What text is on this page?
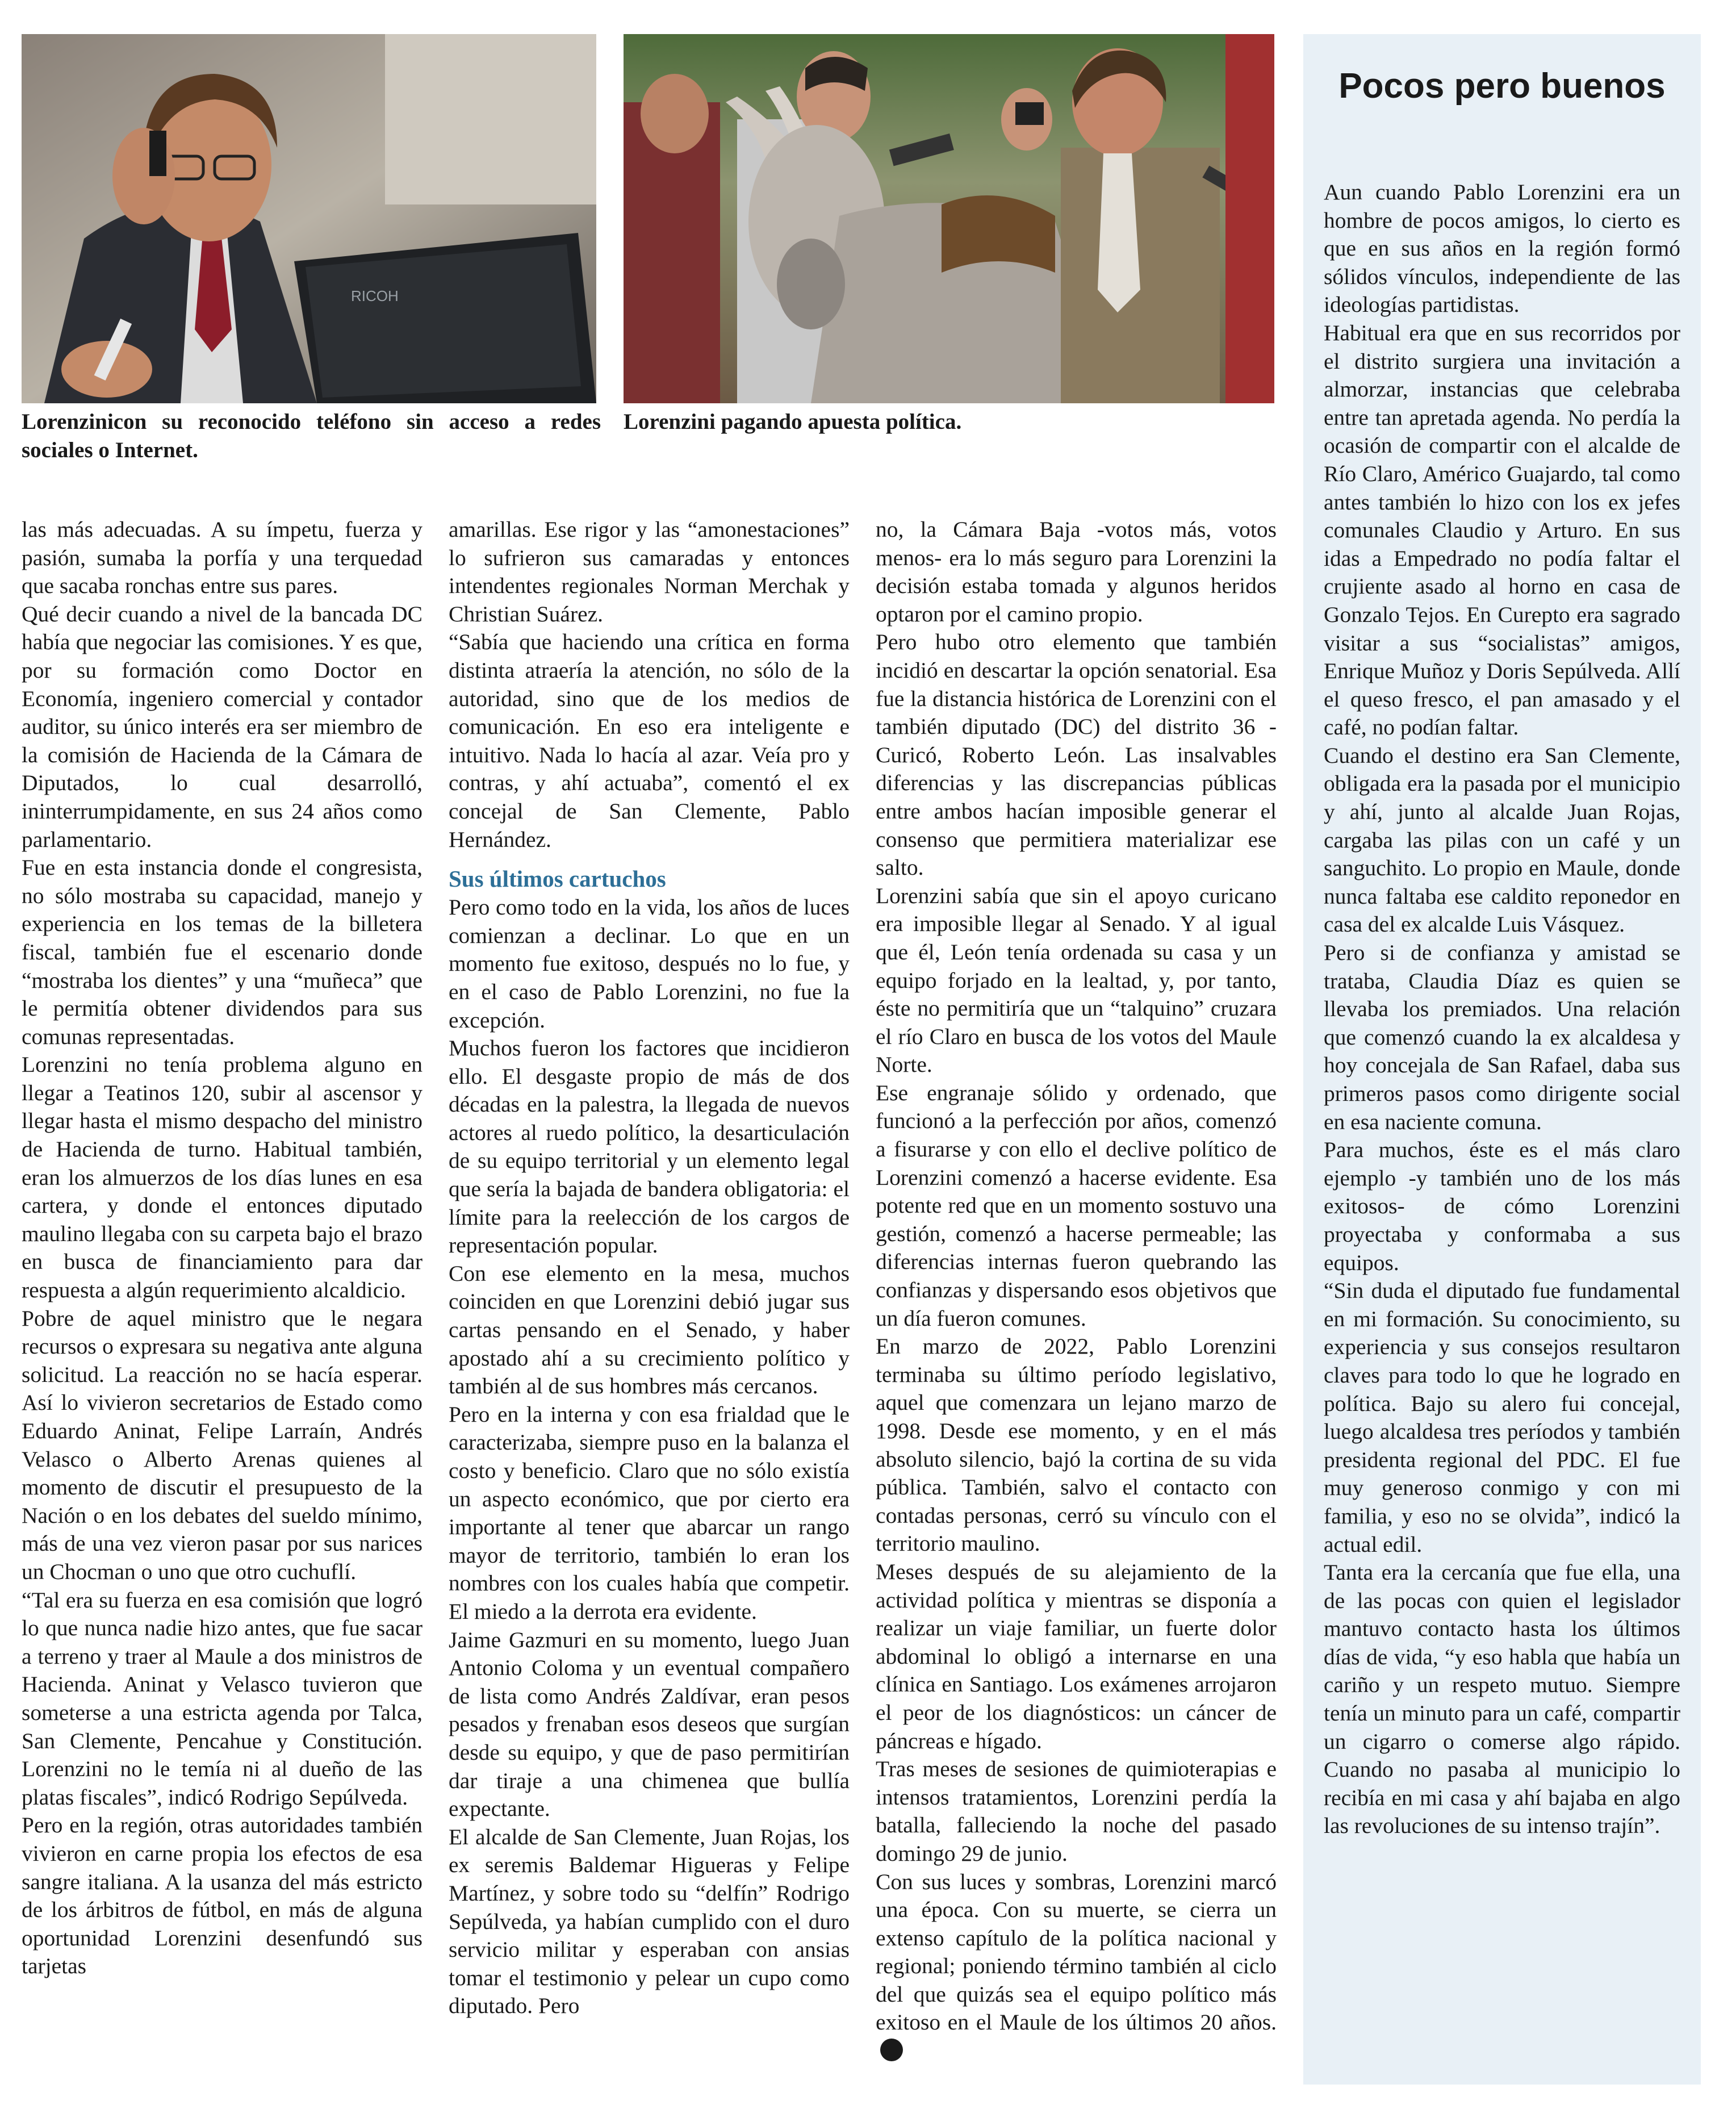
RICOH
Lorenzinicon su reconocido teléfono sin acceso a redes sociales o Internet.
Lorenzini pagando apuesta política.

las más adecuadas. A su ímpetu, fuerza y pasión, sumaba la porfía y una terquedad que sacaba ronchas entre sus pares.

Qué decir cuando a nivel de la bancada DC había que negociar las comisiones. Y es que, por su formación como Doctor en Economía, ingeniero comercial y contador auditor, su único interés era ser miembro de la comisión de Hacienda de la Cámara de Diputados, lo cual desarrolló, ininterrumpidamente, en sus 24 años como parlamentario.

Fue en esta instancia donde el congresista, no sólo mostraba su capacidad, manejo y experiencia en los temas de la billetera fiscal, también fue el escenario donde “mostraba los dientes” y una “muñeca” que le permitía obtener dividendos para sus comunas representadas.

Lorenzini no tenía problema alguno en llegar a Teatinos 120, subir al ascensor y llegar hasta el mismo despacho del ministro de Hacienda de turno. Habitual también, eran los almuerzos de los días lunes en esa cartera, y donde el entonces diputado maulino llegaba con su carpeta bajo el brazo en busca de financiamiento para dar respuesta a algún requerimiento alcaldicio.

Pobre de aquel ministro que le negara recursos o expresara su negativa ante alguna solicitud. La reacción no se hacía esperar. Así lo vivieron secretarios de Estado como Eduardo Aninat, Felipe Larraín, Andrés Velasco o Alberto Arenas quienes al momento de discutir el presupuesto de la Nación o en los debates del sueldo mínimo, más de una vez vieron pasar por sus narices un Chocman o uno que otro cuchuflí.

“Tal era su fuerza en esa comisión que logró lo que nunca nadie hizo antes, que fue sacar a terreno y traer al Maule a dos ministros de Hacienda. Aninat y Velasco tuvieron que someterse a una estricta agenda por Talca, San Clemente, Pencahue y Constitución. Lorenzini no le temía ni al dueño de las platas fiscales”, indicó Rodrigo Sepúlveda.

Pero en la región, otras autoridades también vivieron en carne propia los efectos de esa sangre italiana. A la usanza del más estricto de los árbitros de fútbol, en más de alguna oportunidad Lorenzini desenfundó sus tarjetas

amarillas. Ese rigor y las “amonestaciones” lo sufrieron sus camaradas y entonces intendentes regionales Norman Merchak y Christian Suárez.

“Sabía que haciendo una crítica en forma distinta atraería la atención, no sólo de la autoridad, sino que de los medios de comunicación. En eso era inteligente e intuitivo. Nada lo hacía al azar. Veía pro y contras, y ahí actuaba”, comentó el ex concejal de San Clemente, Pablo Hernández.

Sus últimos cartuchos

Pero como todo en la vida, los años de luces comienzan a declinar. Lo que en un momento fue exitoso, después no lo fue, y en el caso de Pablo Lorenzini, no fue la excepción.

Muchos fueron los factores que incidieron ello. El desgaste propio de más de dos décadas en la palestra, la llegada de nuevos actores al ruedo político, la desarticulación de su equipo territorial y un elemento legal que sería la bajada de bandera obligatoria: el límite para la reelección de los cargos de representación popular.

Con ese elemento en la mesa, muchos coinciden en que Lorenzini debió jugar sus cartas pensando en el Senado, y haber apostado ahí a su crecimiento político y también al de sus hombres más cercanos.

Pero en la interna y con esa frialdad que le caracterizaba, siempre puso en la balanza el costo y beneficio. Claro que no sólo existía un aspecto económico, que por cierto era importante al tener que abarcar un rango mayor de territorio, también lo eran los nombres con los cuales había que competir. El miedo a la derrota era evidente.

Jaime Gazmuri en su momento, luego Juan Antonio Coloma y un eventual compañero de lista como Andrés Zaldívar, eran pesos pesados y frenaban esos deseos que surgían desde su equipo, y que de paso permitirían dar tiraje a una chimenea que bullía expectante.

El alcalde de San Clemente, Juan Rojas, los ex seremis Baldemar Higueras y Felipe Martínez, y sobre todo su “delfín” Rodrigo Sepúlveda, ya habían cumplido con el duro servicio militar y esperaban con ansias tomar el testimonio y pelear un cupo como diputado. Pero

no, la Cámara Baja -votos más, votos menos- era lo más seguro para Lorenzini la decisión estaba tomada y algunos heridos optaron por el camino propio.

Pero hubo otro elemento que también incidió en descartar la opción senatorial. Esa fue la distancia histórica de Lorenzini con el también diputado (DC) del distrito 36 - Curicó, Roberto León. Las insalvables diferencias y las discrepancias públicas entre ambos hacían imposible generar el consenso que permitiera materializar ese salto.

Lorenzini sabía que sin el apoyo curicano era imposible llegar al Senado. Y al igual que él, León tenía ordenada su casa y un equipo forjado en la lealtad, y, por tanto, éste no permitiría que un “talquino” cruzara el río Claro en busca de los votos del Maule Norte.

Ese engranaje sólido y ordenado, que funcionó a la perfección por años, comenzó a fisurarse y con ello el declive político de Lorenzini comenzó a hacerse evidente. Esa potente red que en un momento sostuvo una gestión, comenzó a hacerse permeable; las diferencias internas fueron quebrando las confianzas y dispersando esos objetivos que un día fueron comunes.

En marzo de 2022, Pablo Lorenzini terminaba su último período legislativo, aquel que comenzara un lejano marzo de 1998. Desde ese momento, y en el más absoluto silencio, bajó la cortina de su vida pública. También, salvo el contacto con contadas personas, cerró su vínculo con el territorio maulino.

Meses después de su alejamiento de la actividad política y mientras se disponía a realizar un viaje familiar, un fuerte dolor abdominal lo obligó a internarse en una clínica en Santiago. Los exámenes arrojaron el peor de los diagnósticos: un cáncer de páncreas e hígado.

Tras meses de sesiones de quimioterapias e intensos tratamientos, Lorenzini perdía la batalla, falleciendo la noche del pasado domingo 29 de junio.

Con sus luces y sombras, Lorenzini marcó una época. Con su muerte, se cierra un extenso capítulo de la política nacional y regional; poniendo término también al ciclo del que quizás sea el equipo político más exitoso en el Maule de los últimos 20 años.

Pocos pero buenos

Aun cuando Pablo Lorenzini era un hombre de pocos amigos, lo cierto es que en sus años en la región formó sólidos vínculos, independiente de las ideologías partidistas.

Habitual era que en sus recorridos por el distrito surgiera una invitación a almorzar, instancias que celebraba entre tan apretada agenda. No perdía la ocasión de compartir con el alcalde de Río Claro, Américo Guajardo, tal como antes también lo hizo con los ex jefes comunales Claudio y Arturo. En sus idas a Empedrado no podía faltar el crujiente asado al horno en casa de Gonzalo Tejos. En Curepto era sagrado visitar a sus “socialistas” amigos, Enrique Muñoz y Doris Sepúlveda. Allí el queso fresco, el pan amasado y el café, no podían faltar.

Cuando el destino era San Clemente, obligada era la pasada por el municipio y ahí, junto al alcalde Juan Rojas, cargaba las pilas con un café y un sanguchito. Lo propio en Maule, donde nunca faltaba ese caldito reponedor en casa del ex alcalde Luis Vásquez.

Pero si de confianza y amistad se trataba, Claudia Díaz es quien se llevaba los premiados. Una relación que comenzó cuando la ex alcaldesa y hoy concejala de San Rafael, daba sus primeros pasos como dirigente social en esa naciente comuna.

Para muchos, éste es el más claro ejemplo -y también uno de los más exitosos- de cómo Lorenzini proyectaba y conformaba a sus equipos.

“Sin duda el diputado fue fundamental en mi formación. Su conocimiento, su experiencia y sus consejos resultaron claves para todo lo que he logrado en política. Bajo su alero fui concejal, luego alcaldesa tres períodos y también presidenta regional del PDC. El fue muy generoso conmigo y con mi familia, y eso no se olvida”, indicó la actual edil.

Tanta era la cercanía que fue ella, una de las pocas con quien el legislador mantuvo contacto hasta los últimos días de vida, “y eso habla que había un cariño y un respeto mutuo. Siempre tenía un minuto para un café, compartir un cigarro o comerse algo rápido. Cuando no pasaba al municipio lo recibía en mi casa y ahí bajaba en algo las revoluciones de su intenso trajín”.
